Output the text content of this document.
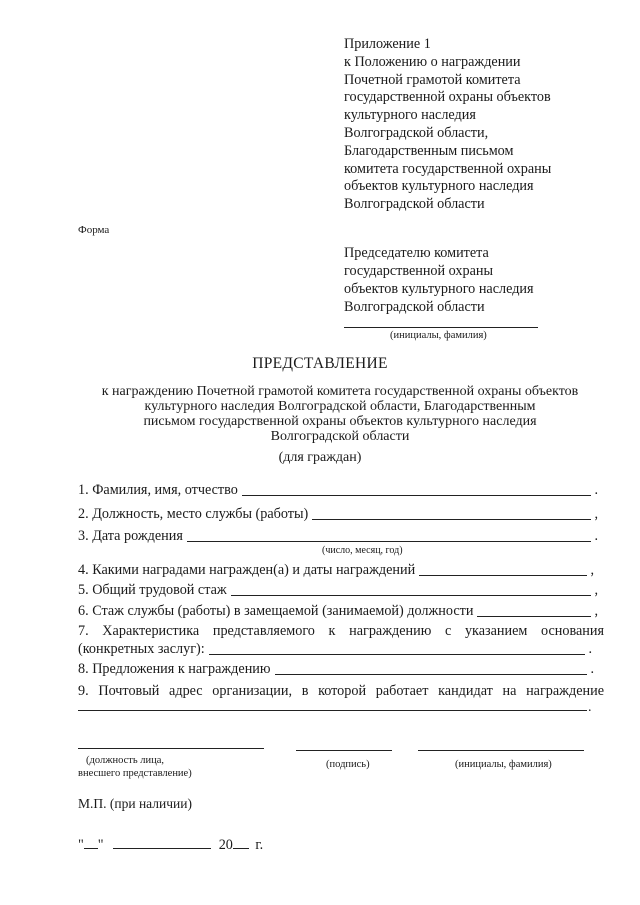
Приложение 1
к Положению о награждении
Почетной грамотой комитета
государственной охраны объектов
культурного наследия
Волгоградской области,
Благодарственным письмом
комитета государственной охраны
объектов культурного наследия
Волгоградской области
Форма
Председателю комитета
государственной охраны
объектов культурного наследия
Волгоградской области
(инициалы, фамилия)
ПРЕДСТАВЛЕНИЕ
к награждению Почетной грамотой комитета государственной охраны объектов
культурного наследия Волгоградской области, Благодарственным
письмом государственной охраны объектов культурного наследия
Волгоградской области
(для граждан)
1. Фамилия, имя, отчество	.
2. Должность, место службы (работы)	,
3. Дата рождения	.
(число, месяц, год)
4. Какими наградами награжден(а) и даты награждений	,
5. Общий трудовой стаж	,
6. Стаж службы (работы) в замещаемой (занимаемой) должности	,
7. Характеристика представляемого к награждению с указанием основания
(конкретных заслуг):	.
8. Предложения к награждению	.
9. Почтовый адрес организации, в которой работает кандидат на награждение
.
(должность лица,
внесшего представление)
(подпись)	(инициалы, фамилия)
М.П. (при наличии)
" "	20 г.
